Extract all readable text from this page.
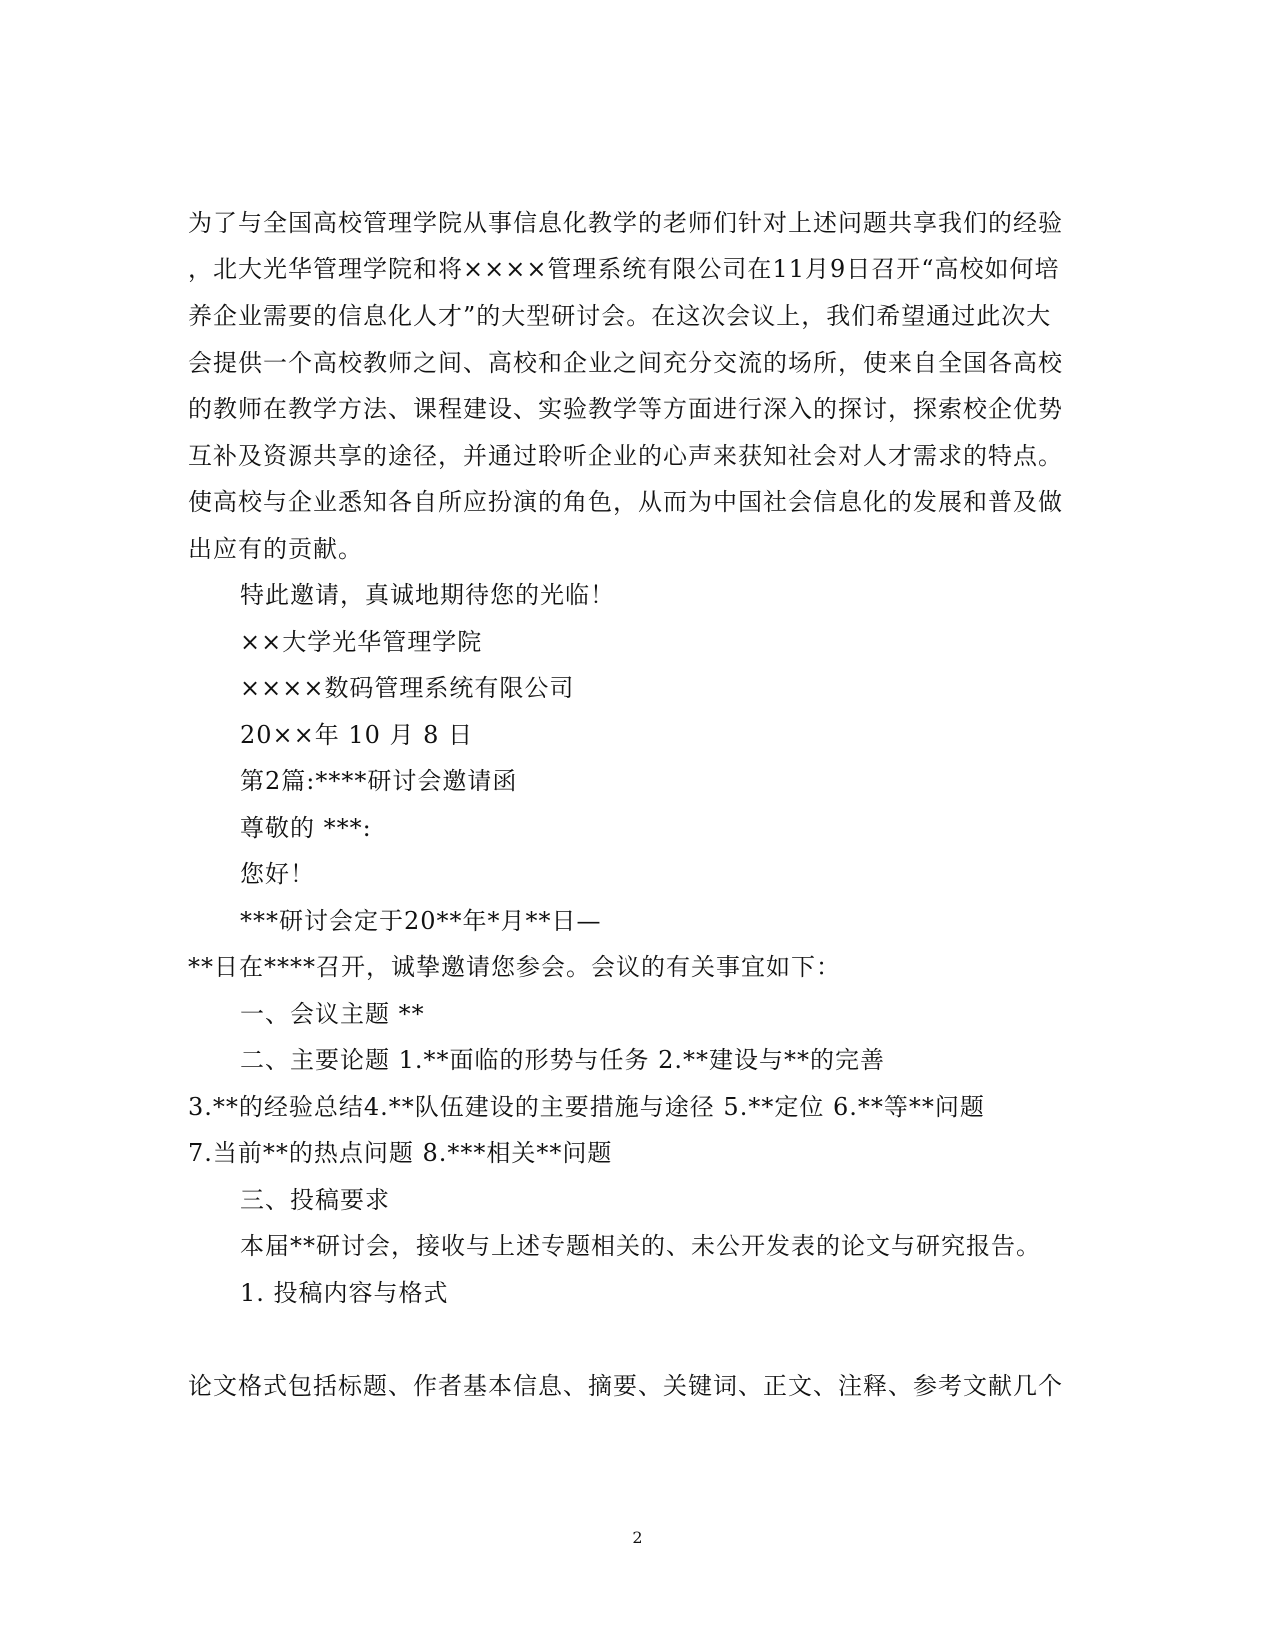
为了与全国高校管理学院从事信息化教学的老师们针对上述问题共享我们的经验
，北大光华管理学院和将××××管理系统有限公司在11月9日召开“高校如何培
养企业需要的信息化人才”的大型研讨会。在这次会议上，我们希望通过此次大
会提供一个高校教师之间、高校和企业之间充分交流的场所，使来自全国各高校
的教师在教学方法、课程建设、实验教学等方面进行深入的探讨，探索校企优势
互补及资源共享的途径，并通过聆听企业的心声来获知社会对人才需求的特点。
使高校与企业悉知各自所应扮演的角色，从而为中国社会信息化的发展和普及做
出应有的贡献。
特此邀请，真诚地期待您的光临！
××大学光华管理学院
××××数码管理系统有限公司
20××年 10 月 8 日
第2篇:****研讨会邀请函
尊敬的 ***:
您好！
***研讨会定于20**年*月**日—
**日在****召开，诚挚邀请您参会。会议的有关事宜如下：
一、会议主题 **
二、主要论题 1.**面临的形势与任务 2.**建设与**的完善
3.**的经验总结4.**队伍建设的主要措施与途径 5.**定位 6.**等**问题
7.当前**的热点问题 8.***相关**问题
三、投稿要求
本届**研讨会，接收与上述专题相关的、未公开发表的论文与研究报告。
1. 投稿内容与格式
论文格式包括标题、作者基本信息、摘要、关键词、正文、注释、参考文献几个
2
